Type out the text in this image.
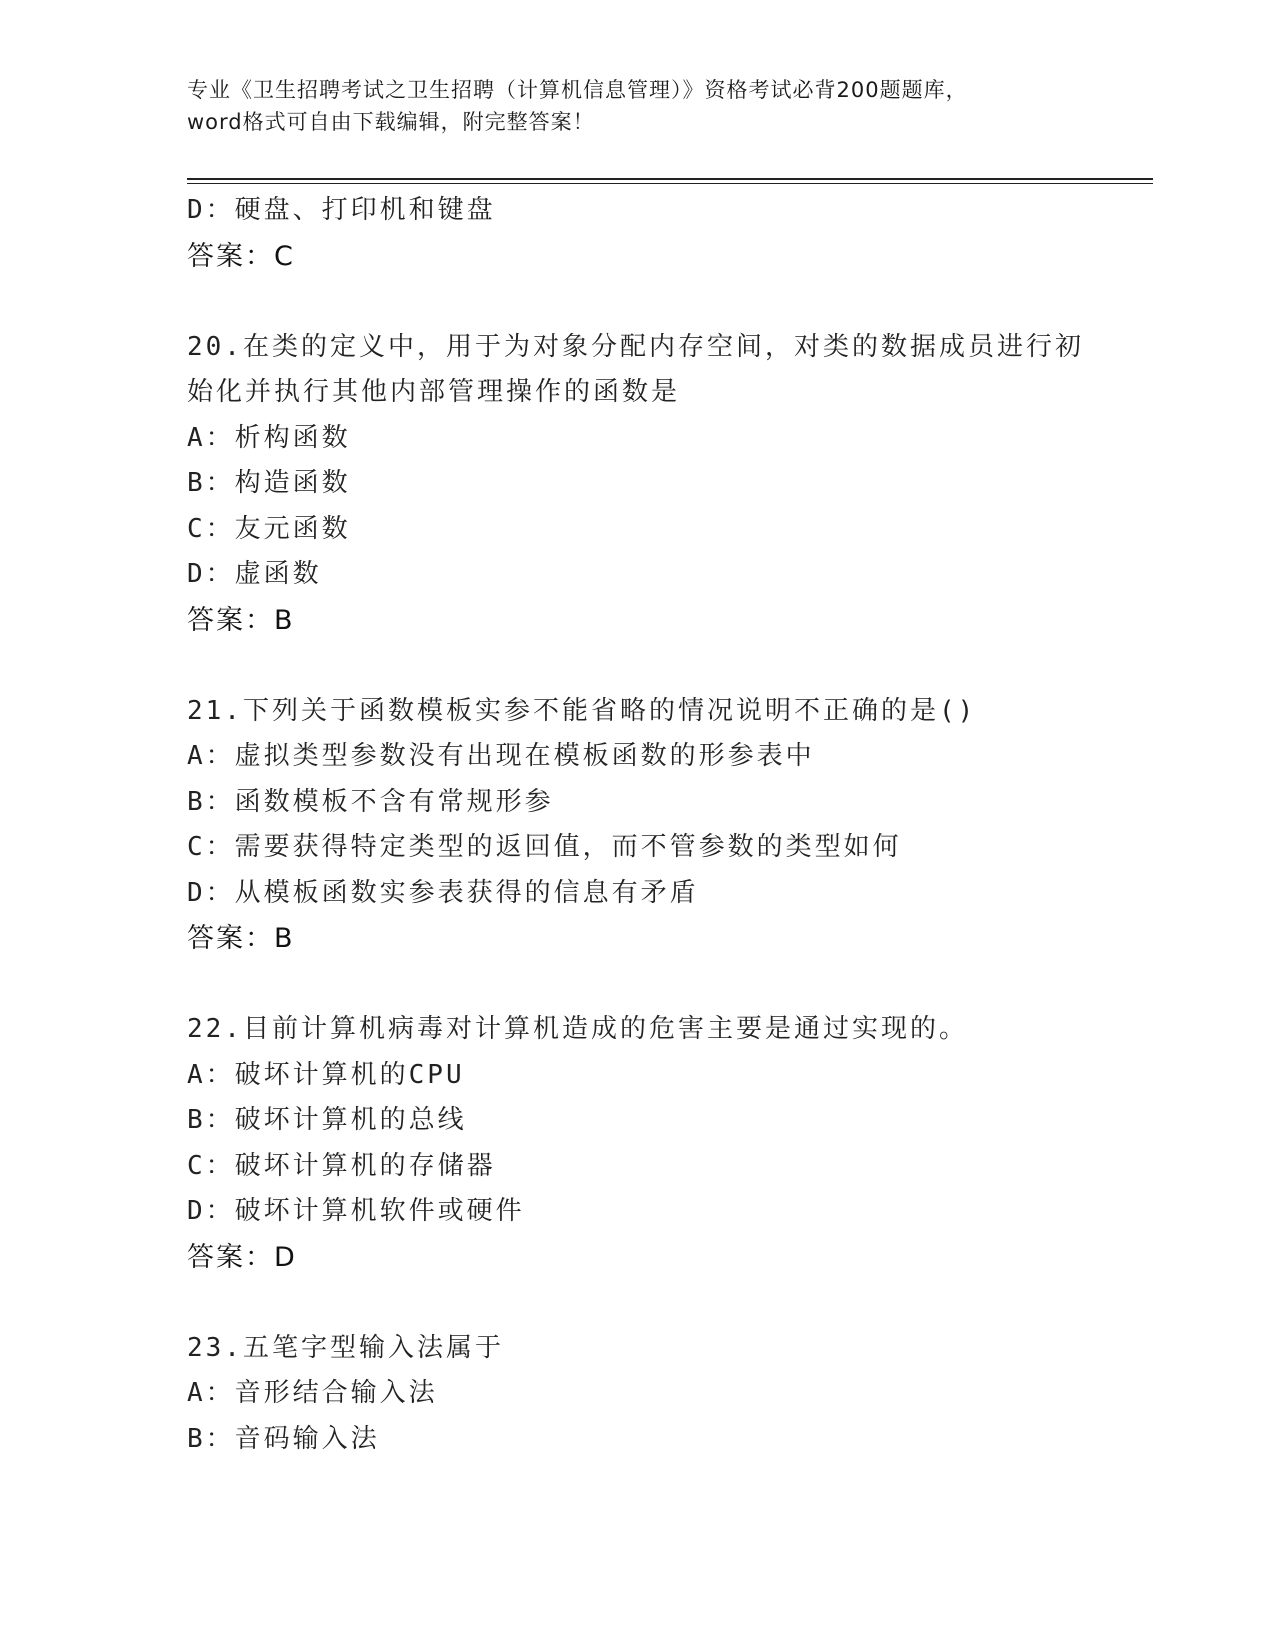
专业《卫生招聘考试之卫生招聘（计算机信息管理）》资格考试必背200题题库，
word格式可自由下载编辑，附完整答案！
D：硬盘、打印机和键盘
答案：C
20.在类的定义中，用于为对象分配内存空间，对类的数据成员进行初
始化并执行其他内部管理操作的函数是
A：析构函数
B：构造函数
C：友元函数
D：虚函数
答案：B
21.下列关于函数模板实参不能省略的情况说明不正确的是()
A：虚拟类型参数没有出现在模板函数的形参表中
B：函数模板不含有常规形参
C：需要获得特定类型的返回值，而不管参数的类型如何
D：从模板函数实参表获得的信息有矛盾
答案：B
22.目前计算机病毒对计算机造成的危害主要是通过实现的。
A：破坏计算机的CPU
B：破坏计算机的总线
C：破坏计算机的存储器
D：破坏计算机软件或硬件
答案：D
23.五笔字型输入法属于
A：音形结合输入法
B：音码输入法
